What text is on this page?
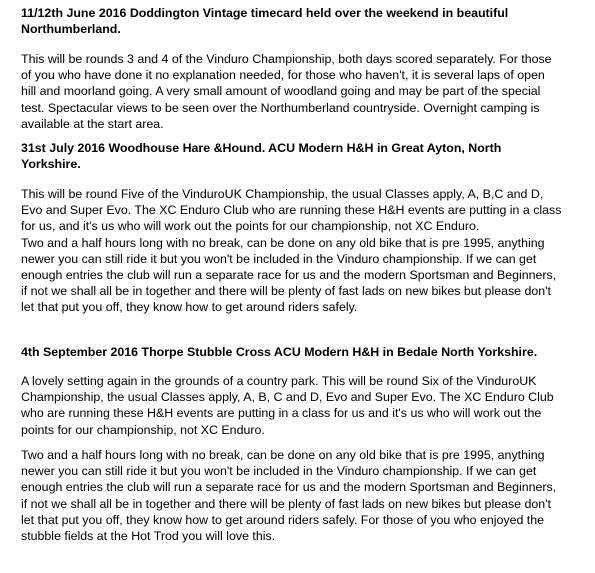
11/12th June 2016 Doddington Vintage timecard held over the weekend in beautiful
Northumberland.
This will be rounds 3 and 4 of the Vinduro Championship, both days scored separately. For those
of you who have done it no explanation needed, for those who haven't, it is several laps of open
hill and moorland going. A very small amount of woodland going and may be part of the special
test. Spectacular views to be seen over the Northumberland countryside. Overnight camping is
available at the start area.
31st July 2016 Woodhouse Hare &Hound. ACU Modern H&H in Great Ayton, North
Yorkshire.
This will be round Five of the VinduroUK Championship, the usual Classes apply, A, B,C and D,
Evo and Super Evo. The XC Enduro Club who are running these H&H events are putting in a class
for us, and it's us who will work out the points for our championship, not XC Enduro.
Two and a half hours long with no break, can be done on any old bike that is pre 1995, anything
newer you can still ride it but you won't be included in the Vinduro championship. If we can get
enough entries the club will run a separate race for us and the modern Sportsman and Beginners,
if not we shall all be in together and there will be plenty of fast lads on new bikes but please don't
let that put you off, they know how to get around riders safely.
4th September 2016 Thorpe Stubble Cross ACU Modern H&H in Bedale North Yorkshire.
A lovely setting again in the grounds of a country park. This will be round Six of the VinduroUK
Championship, the usual Classes apply, A, B, C and D, Evo and Super Evo. The XC Enduro Club
who are running these H&H events are putting in a class for us and it's us who will work out the
points for our championship, not XC Enduro.
Two and a half hours long with no break, can be done on any old bike that is pre 1995, anything
newer you can still ride it but you won't be included in the Vinduro championship. If we can get
enough entries the club will run a separate race for us and the modern Sportsman and Beginners,
if not we shall all be in together and there will be plenty of fast lads on new bikes but please don't
let that put you off, they know how to get around riders safely. For those of you who enjoyed the
stubble fields at the Hot Trod you will love this.
